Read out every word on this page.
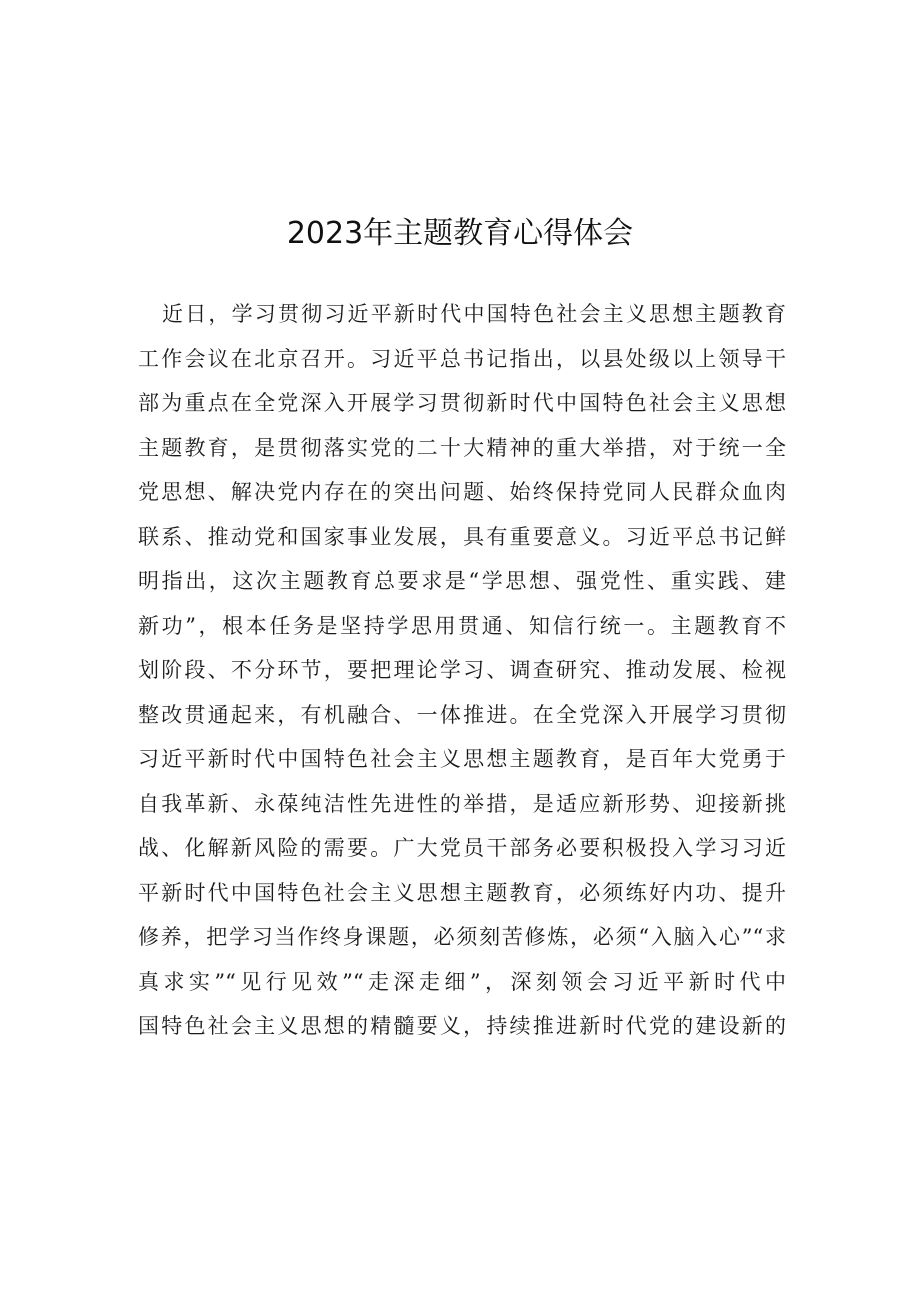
2023年主题教育心得体会
近日，学习贯彻习近平新时代中国特色社会主义思想主题教育
工作会议在北京召开。习近平总书记指出，以县处级以上领导干
部为重点在全党深入开展学习贯彻新时代中国特色社会主义思想
主题教育，是贯彻落实党的二十大精神的重大举措，对于统一全
党思想、解决党内存在的突出问题、始终保持党同人民群众血肉
联系、推动党和国家事业发展，具有重要意义。习近平总书记鲜
明指出，这次主题教育总要求是“学思想、强党性、重实践、建
新功”，根本任务是坚持学思用贯通、知信行统一。主题教育不
划阶段、不分环节，要把理论学习、调查研究、推动发展、检视
整改贯通起来，有机融合、一体推进。在全党深入开展学习贯彻
习近平新时代中国特色社会主义思想主题教育，是百年大党勇于
自我革新、永葆纯洁性先进性的举措，是适应新形势、迎接新挑
战、化解新风险的需要。广大党员干部务必要积极投入学习习近
平新时代中国特色社会主义思想主题教育，必须练好内功、提升
修养，把学习当作终身课题，必须刻苦修炼，必须“入脑入心”“求
真求实”“见行见效”“走深走细”，深刻领会习近平新时代中
国特色社会主义思想的精髓要义，持续推进新时代党的建设新的
